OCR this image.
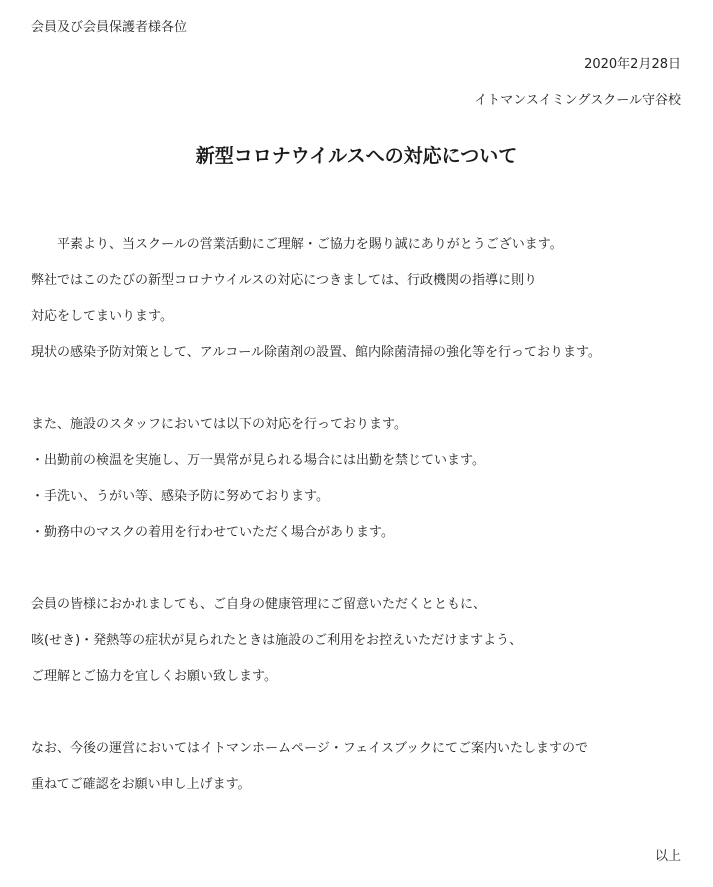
会員及び会員保護者様各位
2020年2月28日
イトマンスイミングスクール守谷校
新型コロナウイルスへの対応について
　　平素より、当スクールの営業活動にご理解・ご協力を賜り誠にありがとうございます。
弊社ではこのたびの新型コロナウイルスの対応につきましては、行政機関の指導に則り
対応をしてまいります。
現状の感染予防対策として、アルコール除菌剤の設置、館内除菌清掃の強化等を行っております。
また、施設のスタッフにおいては以下の対応を行っております。
・出勤前の検温を実施し、万一異常が見られる場合には出勤を禁じています。
・手洗い、うがい等、感染予防に努めております。
・勤務中のマスクの着用を行わせていただく場合があります。
会員の皆様におかれましても、ご自身の健康管理にご留意いただくとともに、
咳(せき)・発熱等の症状が見られたときは施設のご利用をお控えいただけますよう、
ご理解とご協力を宜しくお願い致します。
なお、今後の運営においてはイトマンホームページ・フェイスブックにてご案内いたしますので
重ねてご確認をお願い申し上げます。
以上
